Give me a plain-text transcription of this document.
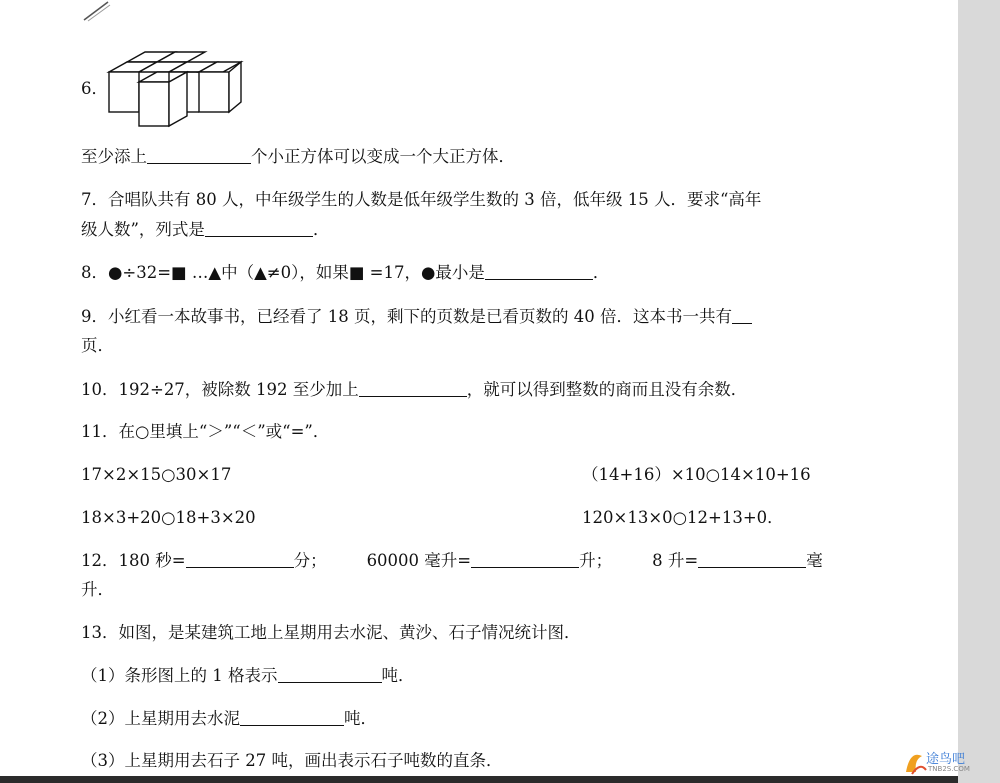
6．
至少添上	个小正方体可以变成一个大正方体．
7．合唱队共有 80 人，中年级学生的人数是低年级学生数的 3 倍，低年级 15 人．要求“高年
级人数”，列式是	．
8．●÷32=■ …▲中（▲≠0），如果■ =17，●最小是	．
9．小红看一本故事书，已经看了 18 页，剩下的页数是已看页数的 40 倍．这本书一共有
页．
10．192÷27，被除数 192 至少加上	，就可以得到整数的商而且没有余数．
11．在○里填上“＞”“＜”或“=”．
17×2×15○30×17	（14+16）×10○14×10+16
18×3+20○18+3×20	120×13×0○12+13+0．
12．180 秒=	分； 60000 毫升=	升； 8 升=	毫
升．
13．如图，是某建筑工地上星期用去水泥、黄沙、石子情况统计图．
（1）条形图上的 1 格表示	吨．
（2）上星期用去水泥	吨．
（3）上星期用去石子 27 吨，画出表示石子吨数的直条．	途鸟吧
TNB2S.COM
